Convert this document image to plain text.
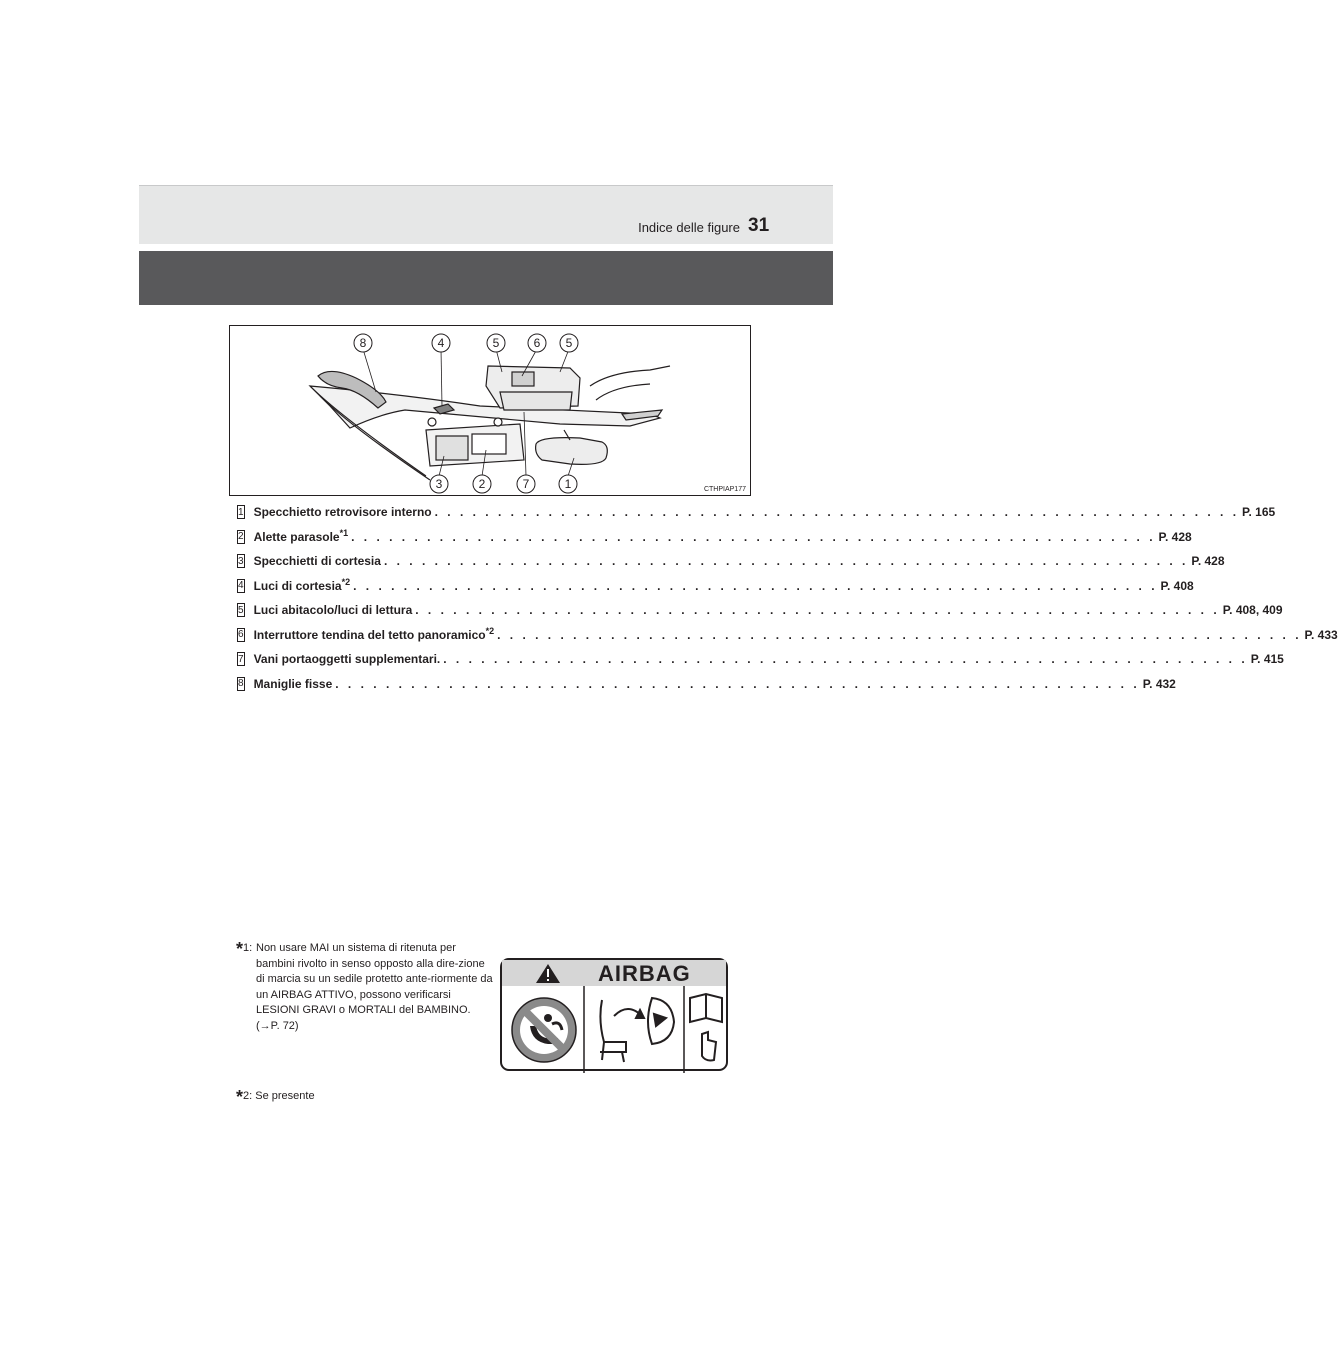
Indice delle figure 31
8	4	5	6 5
3	2	7	1	CTHPIAP177
1 Specchietto retrovisore interno . . . . . . . . . . . . . . . . . . . . . . . . . . . . . . . . . . . . . . . . . . . . . . . . . . . . . . . . . . . . . . . . P. 165
2 Alette parasole$^{*1}$ . . . . . . . . . . . . . . . . . . . . . . . . . . . . . . . . . . . . . . . . . . . . . . . . . . . . . . . . . . . . . . . . P. 428
3 Specchietti di cortesia . . . . . . . . . . . . . . . . . . . . . . . . . . . . . . . . . . . . . . . . . . . . . . . . . . . . . . . . . . . . . . . . P. 428
4 Luci di cortesia$^{*2}$ . . . . . . . . . . . . . . . . . . . . . . . . . . . . . . . . . . . . . . . . . . . . . . . . . . . . . . . . . . . . . . . . P. 408
5 Luci abitacolo/luci di lettura . . . . . . . . . . . . . . . . . . . . . . . . . . . . . . . . . . . . . . . . . . . . . . . . . . . . . . . . . . . . . . . . P. 408, 409
6 Interruttore tendina del tetto panoramico$^{*2}$ . . . . . . . . . . . . . . . . . . . . . . . . . . . . . . . . . . . . . . . . . . . . . . . . . . . . . . . . . . . . . . . . P. 433
7 Vani portaoggetti supplementari. . . . . . . . . . . . . . . . . . . . . . . . . . . . . . . . . . . . . . . . . . . . . . . . . . . . . . . . . . . . . . . . . P. 415
8 Maniglie fisse . . . . . . . . . . . . . . . . . . . . . . . . . . . . . . . . . . . . . . . . . . . . . . . . . . . . . . . . . . . . . . . . P. 432
*1: Non usare MAI un sistema di ritenuta per bambini rivolto in senso opposto alla dire-zione di marcia su un sedile protetto ante-riormente da un AIRBAG ATTIVO, possono verificarsi LESIONI GRAVI o MORTALI del BAMBINO. (→P. 72)
AIRBAG
*2: Se presente
